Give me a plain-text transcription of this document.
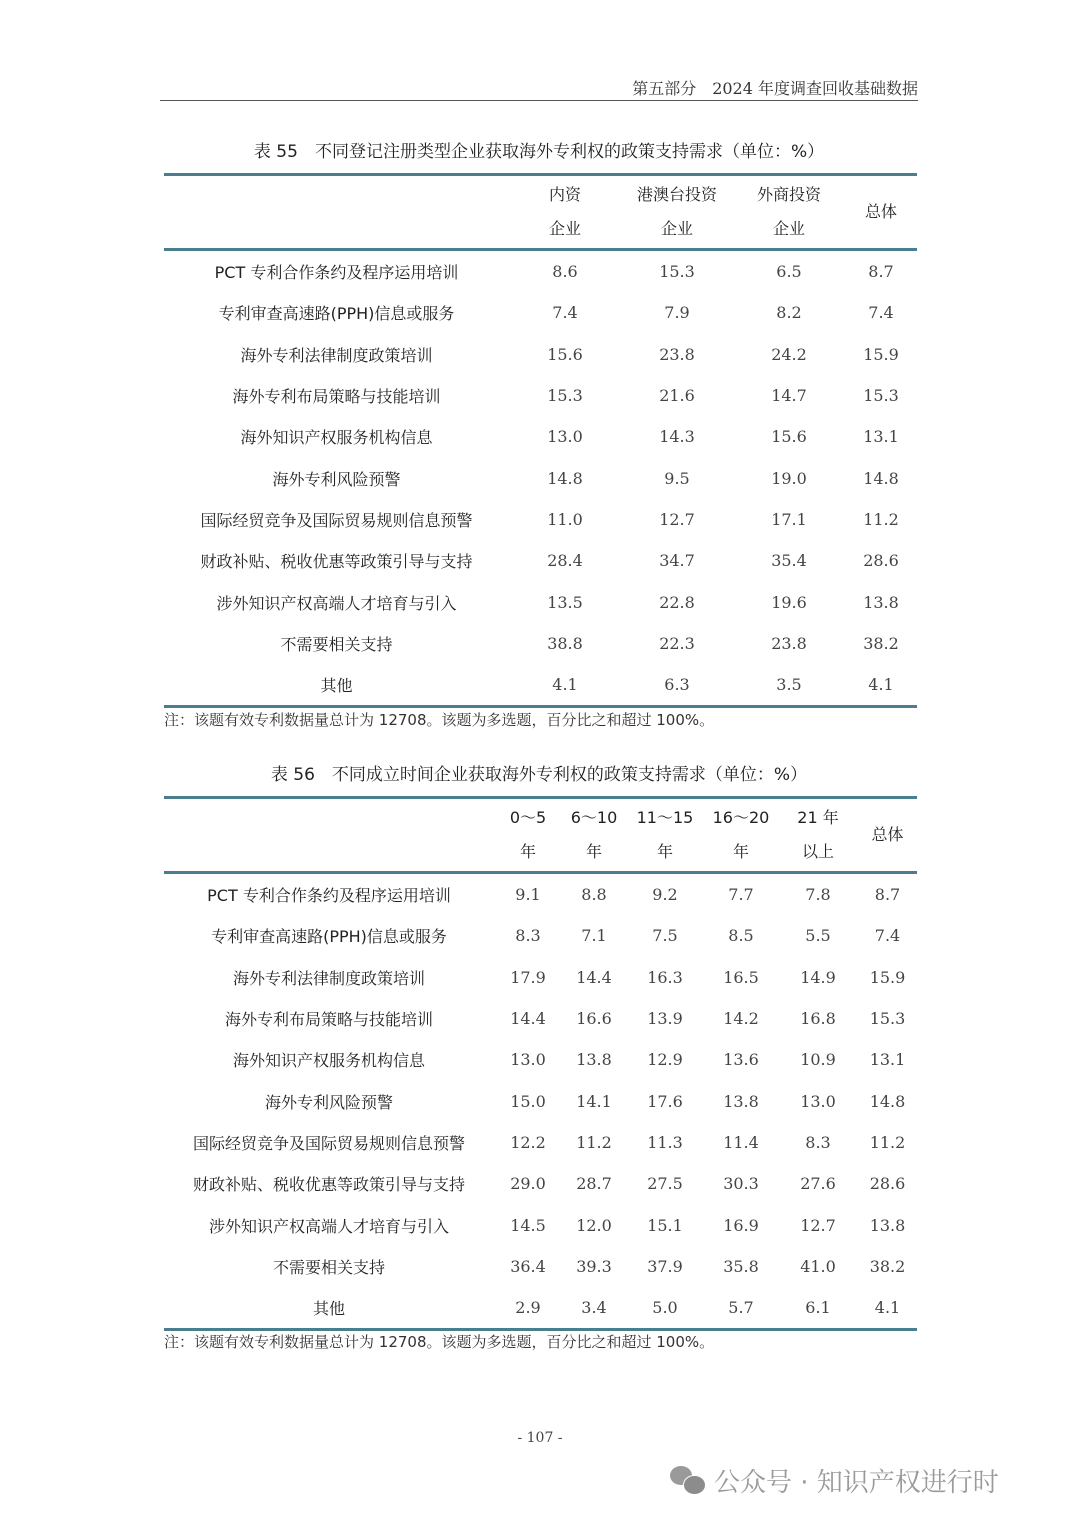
第五部分　2024 年度调查回收基础数据
表 55　不同登记注册类型企业获取海外专利权的政策支持需求（单位：%）

内资
企业

港澳台投资
企业

外商投资
企业

总体

PCT 专利合作条约及程序运用培训	8.6	15.3	6.5	8.7
专利审查高速路(PPH)信息或服务	7.4	7.9	8.2	7.4
海外专利法律制度政策培训	15.6	23.8	24.2	15.9
海外专利布局策略与技能培训	15.3	21.6	14.7	15.3
海外知识产权服务机构信息	13.0	14.3	15.6	13.1
海外专利风险预警	14.8	9.5	19.0	14.8
国际经贸竞争及国际贸易规则信息预警	11.0	12.7	17.1	11.2
财政补贴、税收优惠等政策引导与支持	28.4	34.7	35.4	28.6
涉外知识产权高端人才培育与引入	13.5	22.8	19.6	13.8
不需要相关支持	38.8	22.3	23.8	38.2
其他	4.1	6.3	3.5	4.1
注：该题有效专利数据量总计为 12708。该题为多选题，百分比之和超过 100%。
表 56　不同成立时间企业获取海外专利权的政策支持需求（单位：%）

0～5
年

6～10
年

11～15
年

16～20
年

21 年
以上

总体

PCT 专利合作条约及程序运用培训	9.1	8.8	9.2	7.7	7.8	8.7
专利审查高速路(PPH)信息或服务	8.3	7.1	7.5	8.5	5.5	7.4
海外专利法律制度政策培训	17.9	14.4	16.3	16.5	14.9	15.9
海外专利布局策略与技能培训	14.4	16.6	13.9	14.2	16.8	15.3
海外知识产权服务机构信息	13.0	13.8	12.9	13.6	10.9	13.1
海外专利风险预警	15.0	14.1	17.6	13.8	13.0	14.8
国际经贸竞争及国际贸易规则信息预警	12.2	11.2	11.3	11.4	8.3	11.2
财政补贴、税收优惠等政策引导与支持	29.0	28.7	27.5	30.3	27.6	28.6
涉外知识产权高端人才培育与引入	14.5	12.0	15.1	16.9	12.7	13.8
不需要相关支持	36.4	39.3	37.9	35.8	41.0	38.2
其他	2.9	3.4	5.0	5.7	6.1	4.1
注：该题有效专利数据量总计为 12708。该题为多选题，百分比之和超过 100%。
- 107 -
公众号 · 知识产权进行时
